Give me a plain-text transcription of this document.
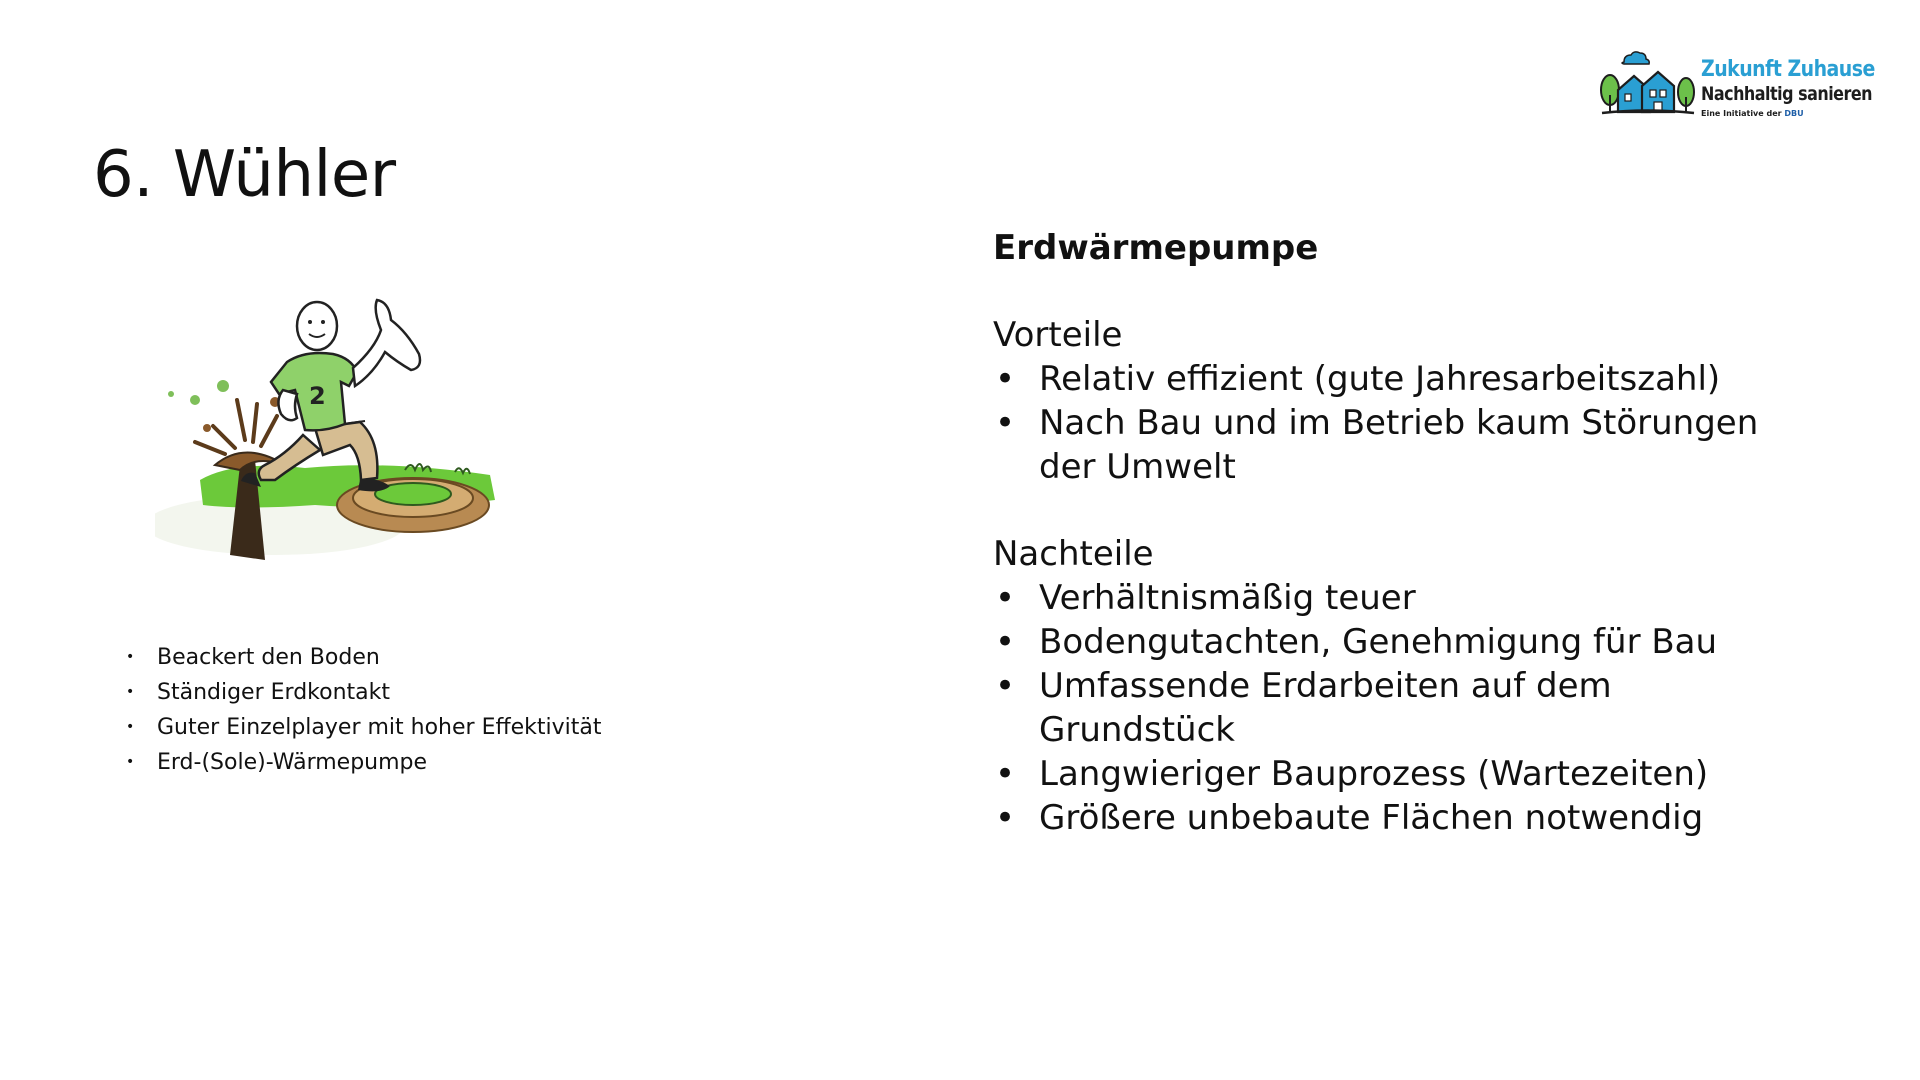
Zukunft Zuhause
Nachhaltig sanieren
Eine Initiative der DBU
6. Wühler
2
• Beackert den Boden
• Ständiger Erdkontakt
• Guter Einzelplayer mit hoher Effektivität
• Erd-(Sole)-Wärmepumpe
Erdwärmepumpe
Vorteile
• Relativ effizient (gute Jahresarbeitszahl)
• Nach Bau und im Betrieb kaum Störungen der Umwelt
Nachteile
• Verhältnismäßig teuer
• Bodengutachten, Genehmigung für Bau
• Umfassende Erdarbeiten auf dem Grundstück
• Langwieriger Bauprozess (Wartezeiten)
• Größere unbebaute Flächen notwendig
